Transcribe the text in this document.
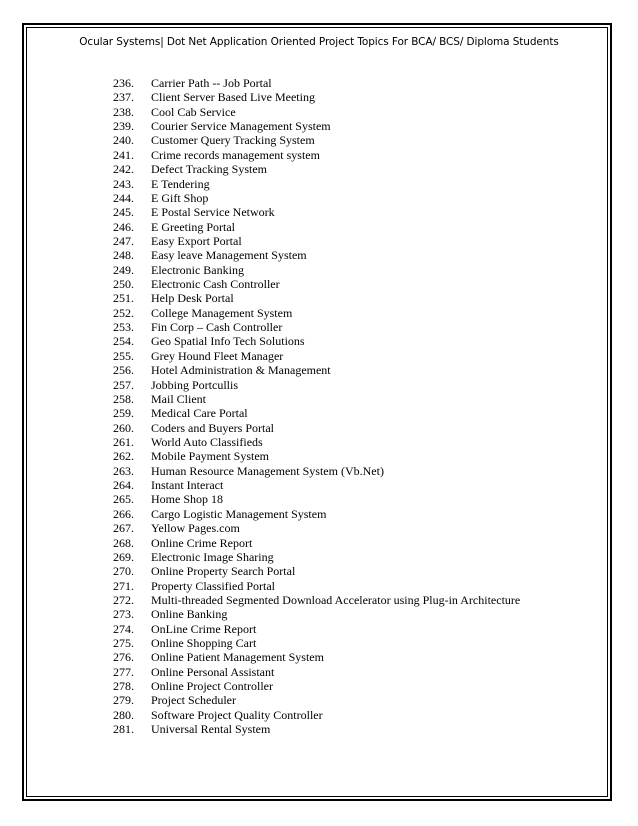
Ocular Systems| Dot Net Application Oriented Project Topics For BCA/ BCS/ Diploma Students
236. Carrier Path -- Job Portal
237. Client Server Based Live Meeting
238. Cool Cab Service
239. Courier Service Management System
240. Customer Query Tracking System
241. Crime records management system
242. Defect Tracking System
243. E Tendering
244. E Gift Shop
245. E Postal Service Network
246. E Greeting Portal
247. Easy Export Portal
248. Easy leave Management System
249. Electronic Banking
250. Electronic Cash Controller
251. Help Desk Portal
252. College Management System
253. Fin Corp – Cash Controller
254. Geo Spatial Info Tech Solutions
255. Grey Hound Fleet Manager
256. Hotel Administration & Management
257. Jobbing Portcullis
258. Mail Client
259. Medical Care Portal
260. Coders and Buyers Portal
261. World Auto Classifieds
262. Mobile Payment System
263. Human Resource Management System (Vb.Net)
264. Instant Interact
265. Home Shop 18
266. Cargo Logistic Management System
267. Yellow Pages.com
268. Online Crime Report
269. Electronic Image Sharing
270. Online Property Search Portal
271. Property Classified Portal
272. Multi-threaded Segmented Download Accelerator using Plug-in Architecture
273. Online Banking
274. OnLine Crime Report
275. Online Shopping Cart
276. Online Patient Management System
277. Online Personal Assistant
278. Online Project Controller
279. Project Scheduler
280. Software Project Quality Controller
281. Universal Rental System
